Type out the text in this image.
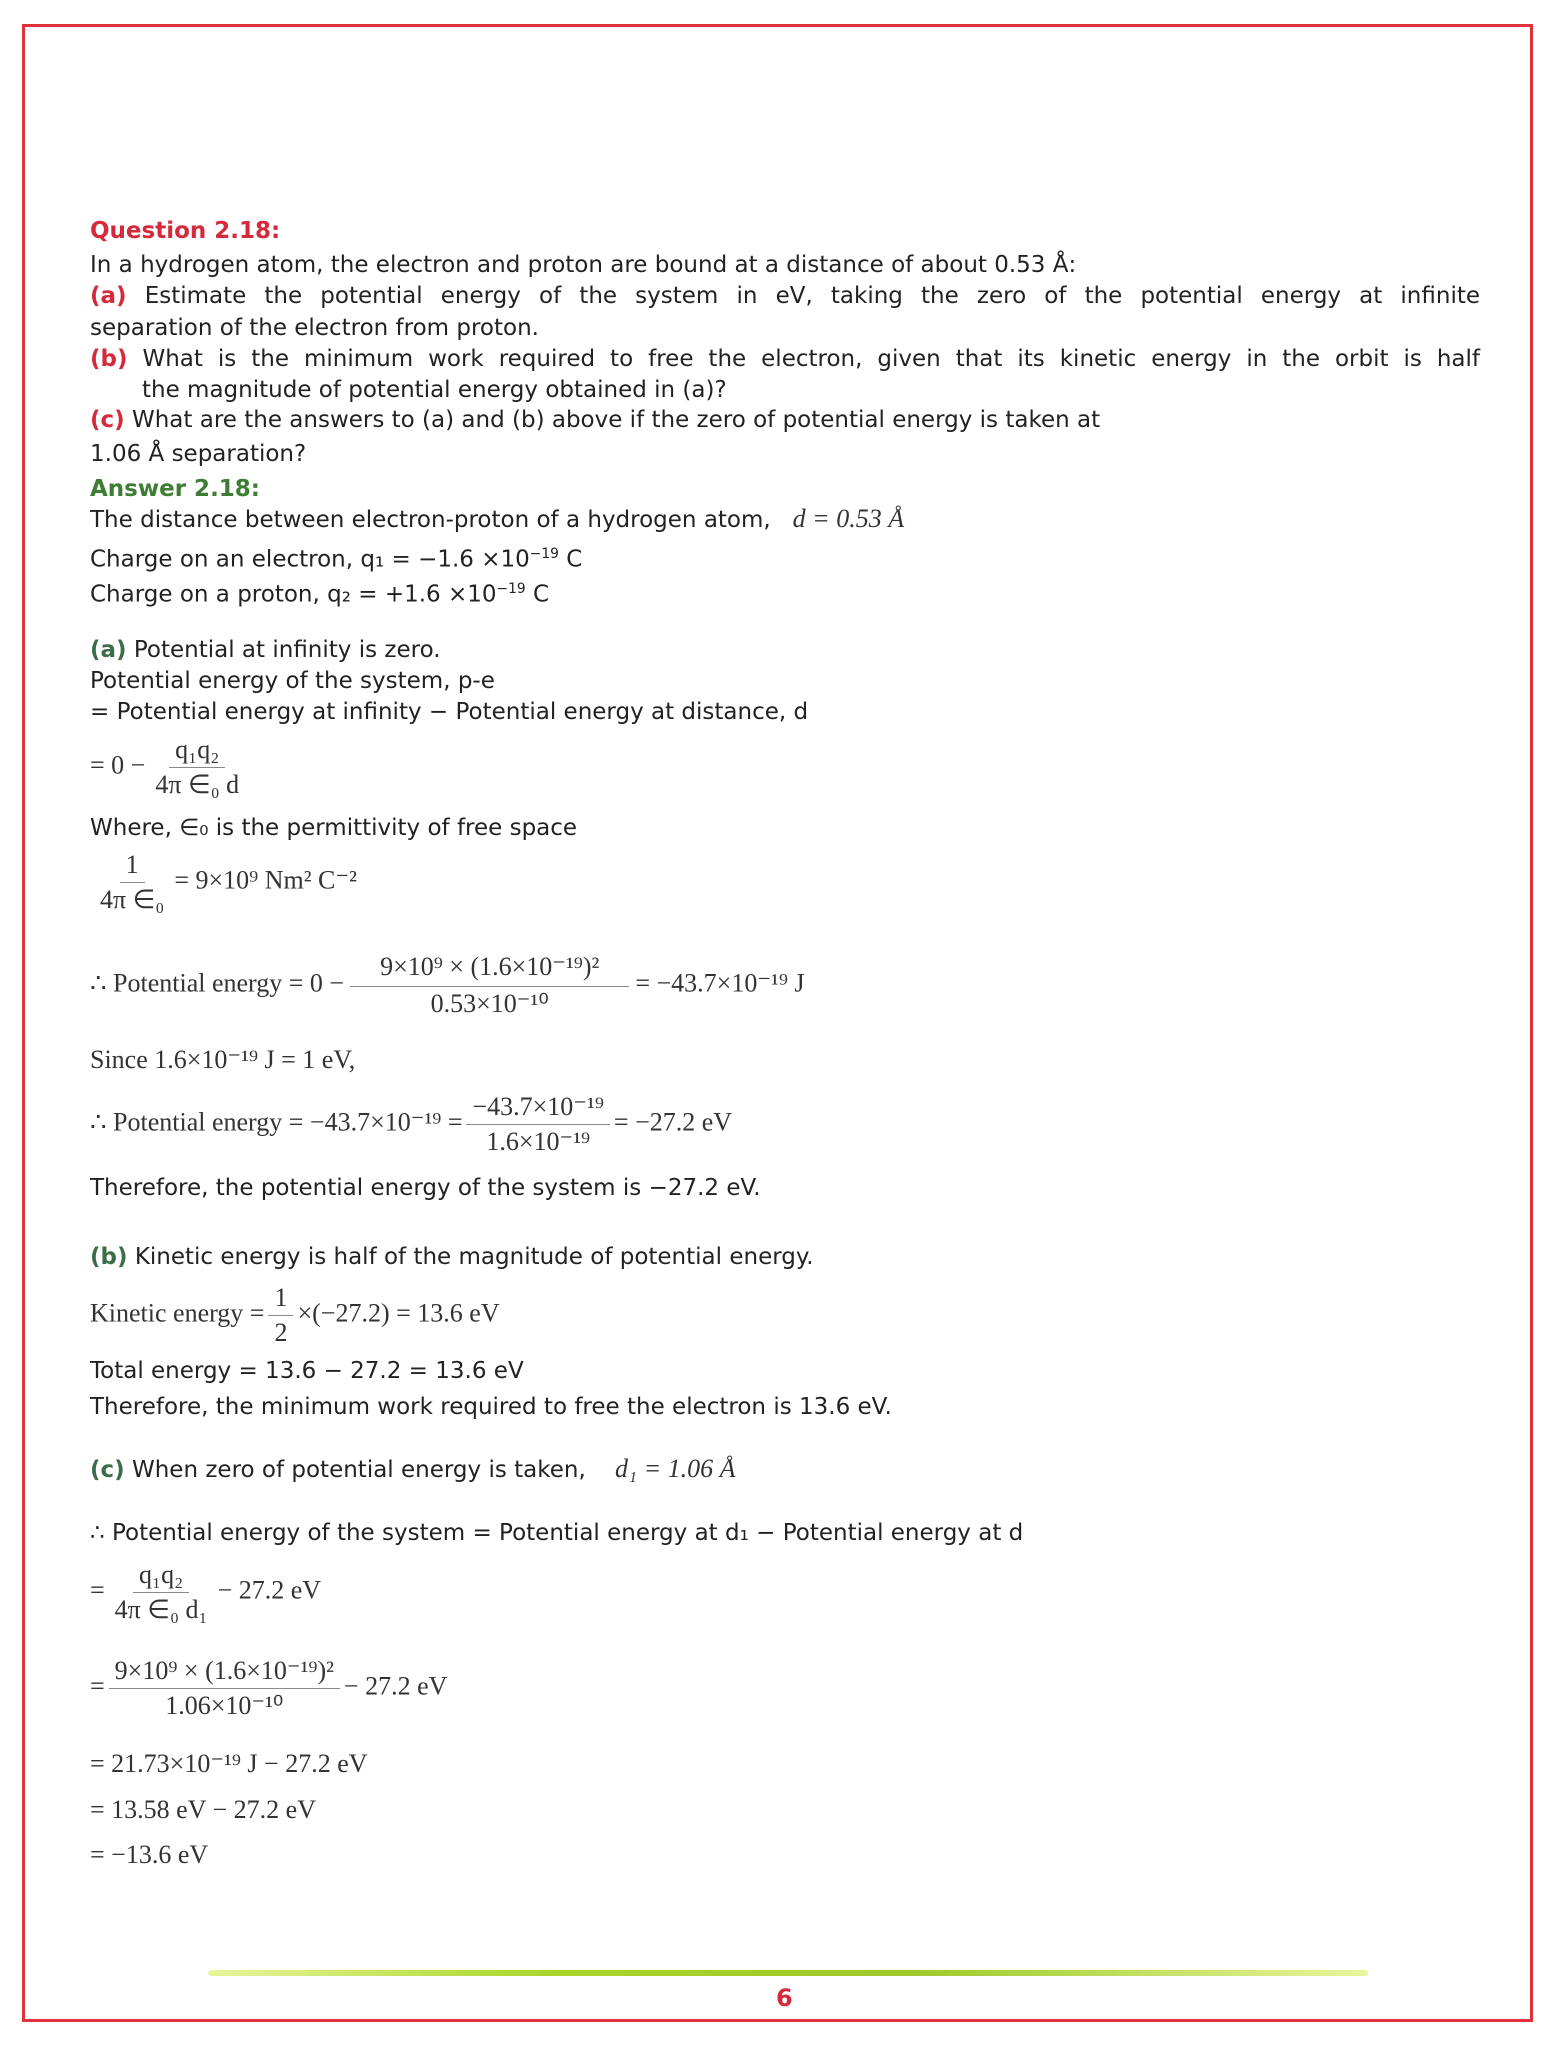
Question 2.18:
In a hydrogen atom, the electron and proton are bound at a distance of about 0.53 Å:
(a) Estimate the potential energy of the system in eV, taking the zero of the potential energy at infinite
separation of the electron from proton.
(b) What is the minimum work required to free the electron, given that its kinetic energy in the orbit is half
the magnitude of potential energy obtained in (a)?
(c) What are the answers to (a) and (b) above if the zero of potential energy is taken at
1.06 Å separation?
Answer 2.18:
The distance between electron-proton of a hydrogen atom, d = 0.53 Å
Charge on an electron, $q_1 = -1.6 \times 10^{-19}$ C
Charge on a proton, $q_2 = +1.6 \times 10^{-19}$ C
(a) Potential at infinity is zero.
Potential energy of the system, p-e
= Potential energy at infinity − Potential energy at distance, d
= $0 - \frac{\text{q₁q₂}}{\text{4π ∈₀ d}}$
Where, ∈₀ is the permittivity of free space
$\frac{1}{\text{4π ∈₀}} = 9\times 10^9$ Nm² C⁻²
∴ Potential energy = $0 - \frac{\text{9×10⁹ × (1.6×10⁻¹⁹)²}}{\text{0.53×10⁻¹⁰}} = -43.7\times 10^{-19}$ J
Since 1.6×10⁻¹⁹ J = 1 eV,
∴ Potential energy = $-43.7\times 10^{-19} = \frac{\text{−43.7×10⁻¹⁹}}{\text{1.6×10⁻¹⁹}} = -27.2$ eV
Therefore, the potential energy of the system is −27.2 eV.
(b) Kinetic energy is half of the magnitude of potential energy.
Kinetic energy = $\frac{1}{2} \times(-27.2) = 13.6$ eV
Total energy = 13.6 − 27.2 = 13.6 eV
Therefore, the minimum work required to free the electron is 13.6 eV.
(c) When zero of potential energy is taken, d₁ = 1.06 Å
∴ Potential energy of the system = Potential energy at d₁ − Potential energy at d
= $\frac{\text{q₁q₂}}{\text{4π ∈₀ d₁}} - 27.2$ eV
= $\frac{\text{9×10⁹ × (1.6×10⁻¹⁹)²}}{\text{1.06×10⁻¹⁰}} - 27.2$ eV
= 21.73×10⁻¹⁹ J − 27.2 eV
= 13.58 eV − 27.2 eV
= −13.6 eV
6
